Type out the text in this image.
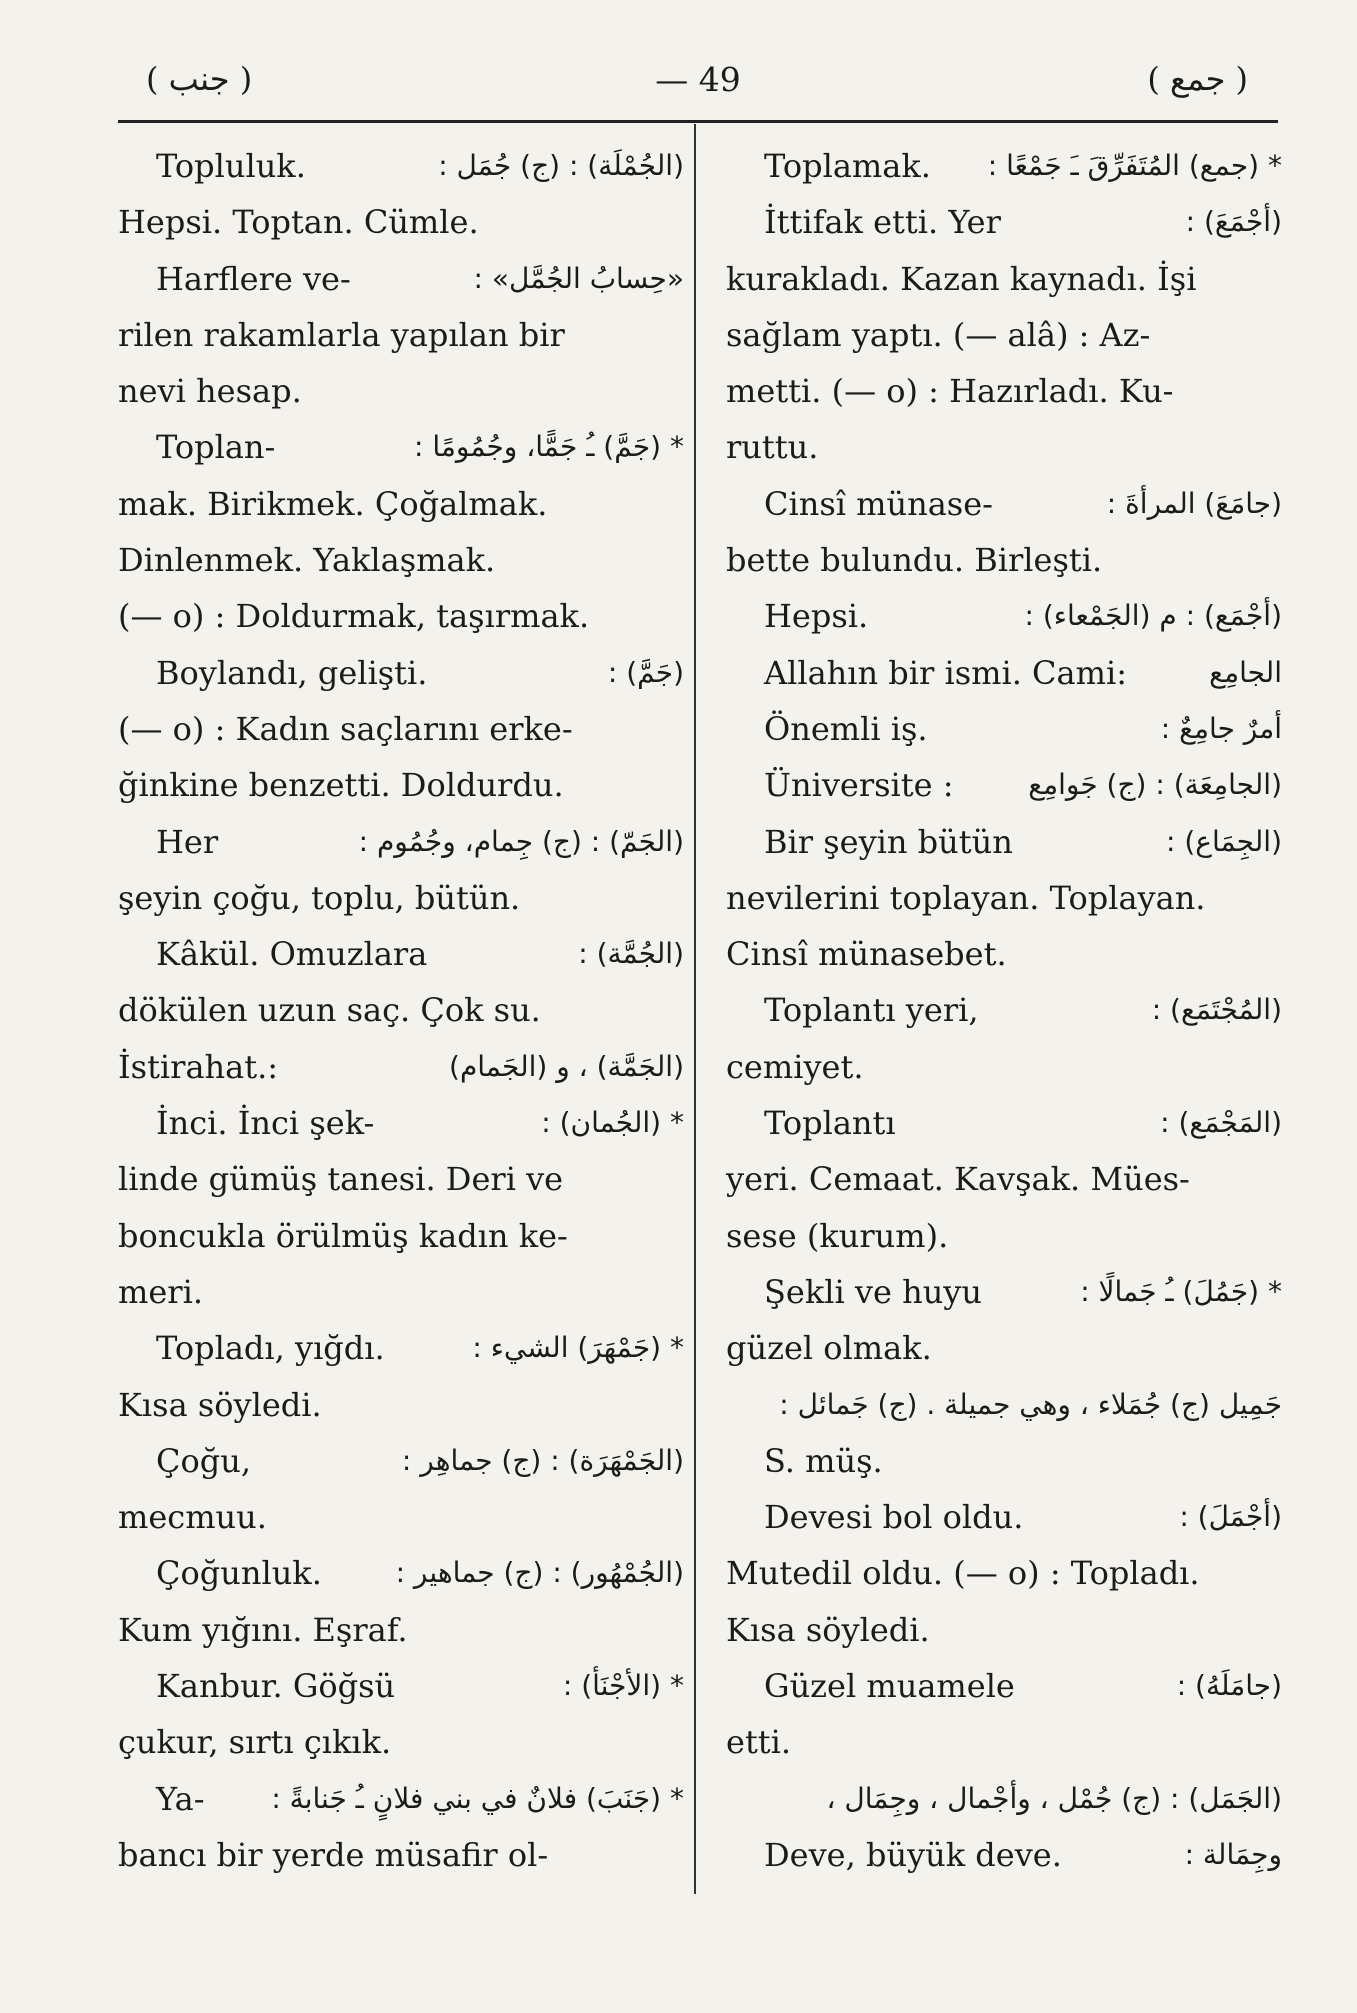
( جنب )	— 49 —
( جمع )
Topluluk.	(الجُمْلَة) : (ج) جُمَل :
Hepsi. Toptan. Cümle.
Harflere ve-	«حِسابُ الجُمَّل» :
rilen rakamlarla yapılan bir
nevi hesap.
Toplan-	* (جَمَّ) ـُ جَمًّا، وجُمُومًا :
mak. Birikmek. Çoğalmak.
Dinlenmek. Yaklaşmak.
(— o) : Doldurmak, taşırmak.
Boylandı, gelişti.	(جَمَّ) :
(— o) : Kadın saçlarını erke-
ğinkine benzetti. Doldurdu.
Her	(الجَمّ) : (ج) جِمام، وجُمُوم :
şeyin çoğu, toplu, bütün.
Kâkül. Omuzlara	(الجُمَّة) :
dökülen uzun saç. Çok su.
İstirahat.:	(الجَمَّة) ، و (الجَمام)
İnci. İnci şek-	* (الجُمان) :
linde gümüş tanesi. Deri ve
boncukla örülmüş kadın ke-
meri.
Topladı, yığdı.	* (جَمْهَرَ) الشيء :
Kısa söyledi.
Çoğu,	(الجَمْهَرَة) : (ج) جماهِر :
mecmuu.
Çoğunluk.	(الجُمْهُور) : (ج) جماهير :
Kum yığını. Eşraf.
Kanbur. Göğsü	* (الأجْنَأ) :
çukur, sırtı çıkık.
Ya- * (جَنَبَ) فلانٌ في بني فلانٍ ـُ جَنابةً :
bancı bir yerde müsafir ol-
Toplamak. * (جمع) المُتَفَرِّقَ ـَ جَمْعًا :
İttifak etti. Yer	(أجْمَعَ) :
kurakladı. Kazan kaynadı. İşi
sağlam yaptı. (— alâ) : Az-
metti. (— o) : Hazırladı. Ku-
ruttu.
Cinsî münase-	(جامَعَ) المرأةَ :
bette bulundu. Birleşti.
Hepsi.	(أجْمَع) : م (الجَمْعاء) :
Allahın bir ismi. Cami:	الجامِع
Önemli iş.	أمرٌ جامِعٌ :
Üniversite :	(الجامِعَة) : (ج) جَوامِع
Bir şeyin bütün	(الجِمَاع) :
nevilerini toplayan. Toplayan.
Cinsî münasebet.
Toplantı yeri,	(المُجْتَمَع) :
cemiyet.
Toplantı	(المَجْمَع) :
yeri. Cemaat. Kavşak. Mües-
sese (kurum).
Şekli ve huyu	* (جَمُلَ) ـُ جَمالًا :
güzel olmak.
جَمِيل (ج) جُمَلاء ، وهي جميلة . (ج) جَمائل :
S. müş.
Devesi bol oldu.	(أجْمَلَ) :
Mutedil oldu. (— o) : Topladı.
Kısa söyledi.
Güzel muamele	(جامَلَهُ) :
etti.
(الجَمَل) : (ج) جُمْل ، وأجْمال ، وجِمَال ،
Deve, büyük deve.	وجِمَالة :
